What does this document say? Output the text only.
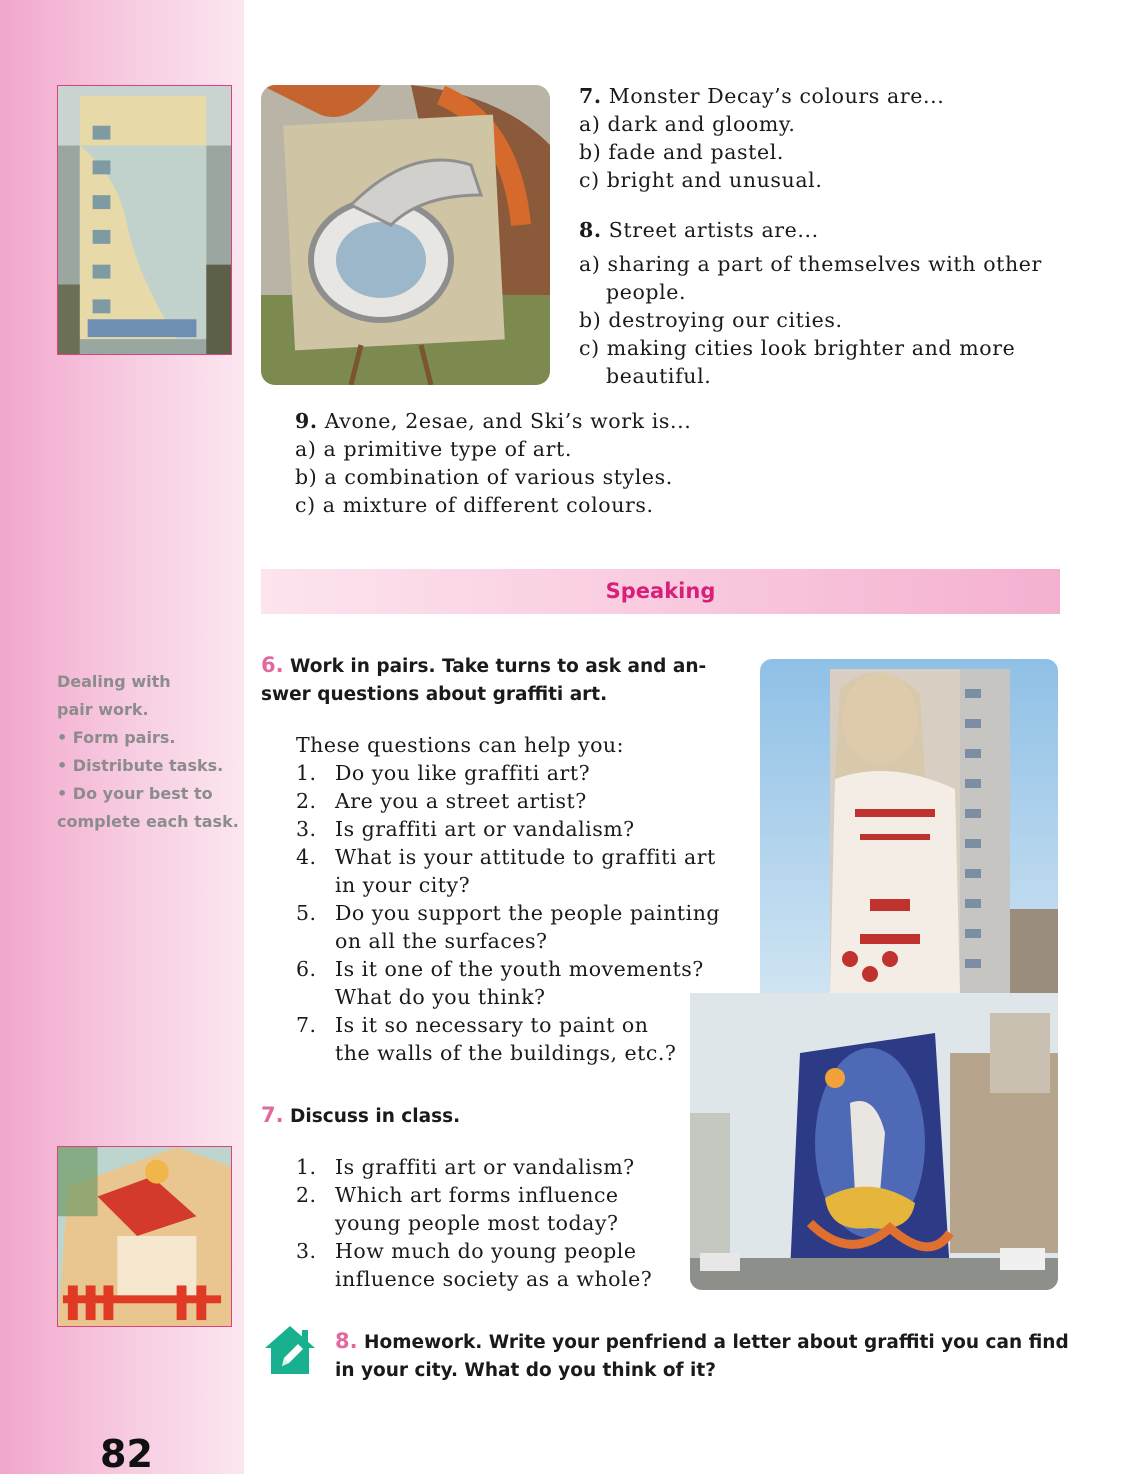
7. Monster Decay’s colours are...
a) dark and gloomy.
b) fade and pastel.
c) bright and unusual.
8. Street artists are...
a) sharing a part of themselves with other
people.
b) destroying our cities.
c) making cities look brighter and more
beautiful.
9. Avone, 2esae, and Ski’s work is...
a) a primitive type of art.
b) a combination of various styles.
c) a mixture of different colours.
Speaking
Dealing with
pair work.
• Form pairs.
• Distribute tasks.
• Do your best to
complete each task.
6. Work in pairs. Take turns to ask and an-
swer questions about graffiti art.
These questions can help you:
1. Do you like graffiti art?
2. Are you a street artist?
3. Is graffiti art or vandalism?
4. What is your attitude to graffiti art
in your city?
5. Do you support the people painting
on all the surfaces?
6. Is it one of the youth movements?
What do you think?
7. Is it so necessary to paint on
the walls of the buildings, etc.?
7. Discuss in class.
1. Is graffiti art or vandalism?
2. Which art forms influence
young people most today?
3. How much do young people
influence society as a whole?
8. Homework. Write your penfriend a letter about graffiti you can find
in your city. What do you think of it?
82
